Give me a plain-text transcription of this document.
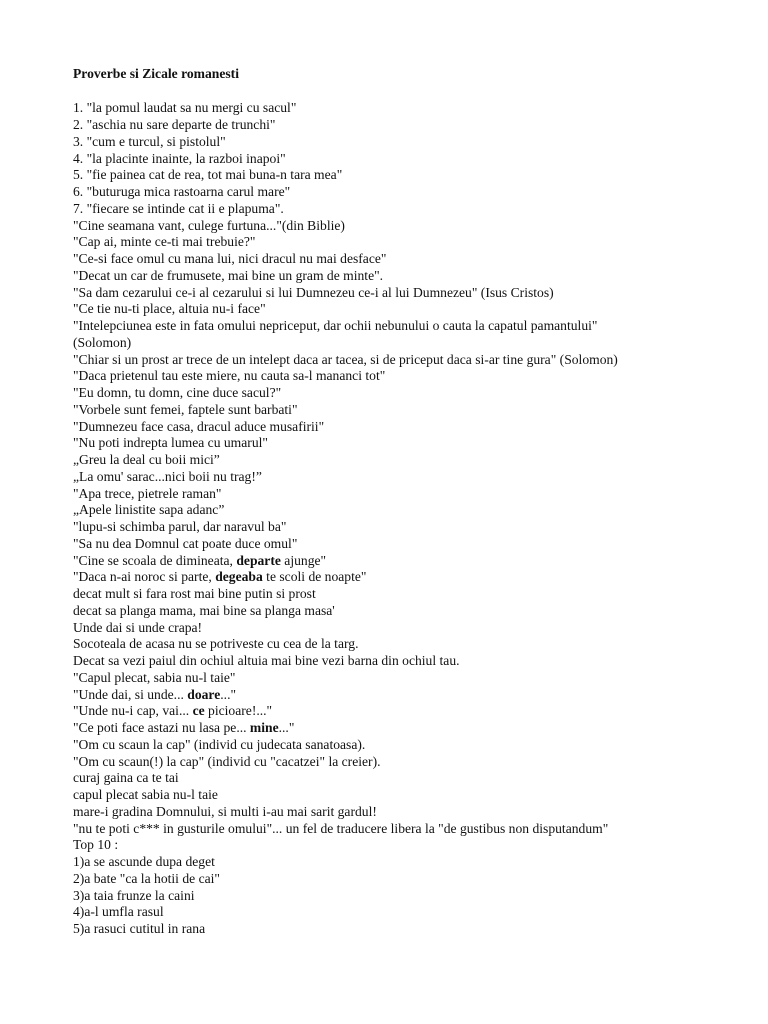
Proverbe si Zicale romanesti

1. "la pomul laudat sa nu mergi cu sacul"

2. "aschia nu sare departe de trunchi"

3. "cum e turcul, si pistolul"

4. "la placinte inainte, la razboi inapoi"

5. "fie painea cat de rea, tot mai buna-n tara mea"

6. "buturuga mica rastoarna carul mare"

7. "fiecare se intinde cat ii e plapuma".

"Cine seamana vant, culege furtuna..."(din Biblie)

"Cap ai, minte ce-ti mai trebuie?"

"Ce-si face omul cu mana lui, nici dracul nu mai desface"

"Decat un car de frumusete, mai bine un gram de minte".

"Sa dam cezarului ce-i al cezarului si lui Dumnezeu ce-i al lui Dumnezeu" (Isus Cristos)

"Ce tie nu-ti place, altuia nu-i face"

"Intelepciunea este in fata omului nepriceput, dar ochii nebunului o cauta la capatul pamantului"

(Solomon)

"Chiar si un prost ar trece de un intelept daca ar tacea, si de priceput daca si-ar tine gura" (Solomon)

"Daca prietenul tau este miere, nu cauta sa-l mananci tot"

"Eu domn, tu domn, cine duce sacul?"

"Vorbele sunt femei, faptele sunt barbati"

"Dumnezeu face casa, dracul aduce musafirii"

"Nu poti indrepta lumea cu umarul"

„Greu la deal cu boii mici”

„La omu' sarac...nici boii nu trag!”

"Apa trece, pietrele raman"

„Apele linistite sapa adanc”

"lupu-si schimba parul, dar naravul ba"

"Sa nu dea Domnul cat poate duce omul"

"Cine se scoala de dimineata, departe ajunge"

"Daca n-ai noroc si parte, degeaba te scoli de noapte"

decat mult si fara rost mai bine putin si prost

decat sa planga mama, mai bine sa planga masa'

Unde dai si unde crapa!

Socoteala de acasa nu se potriveste cu cea de la targ.

Decat sa vezi paiul din ochiul altuia mai bine vezi barna din ochiul tau.

"Capul plecat, sabia nu-l taie"

"Unde dai, si unde... doare..."

"Unde nu-i cap, vai... ce picioare!..."

"Ce poti face astazi nu lasa pe... mine..."

"Om cu scaun la cap" (individ cu judecata sanatoasa).

"Om cu scaun(!) la cap" (individ cu "cacatzei" la creier).

curaj gaina ca te tai

capul plecat sabia nu-l taie

mare-i gradina Domnului, si multi i-au mai sarit gardul!

"nu te poti c*** in gusturile omului"... un fel de traducere libera la "de gustibus non disputandum"

Top 10 :

1)a se ascunde dupa deget

2)a bate "ca la hotii de cai"

3)a taia frunze la caini

4)a-l umfla rasul

5)a rasuci cutitul in rana
